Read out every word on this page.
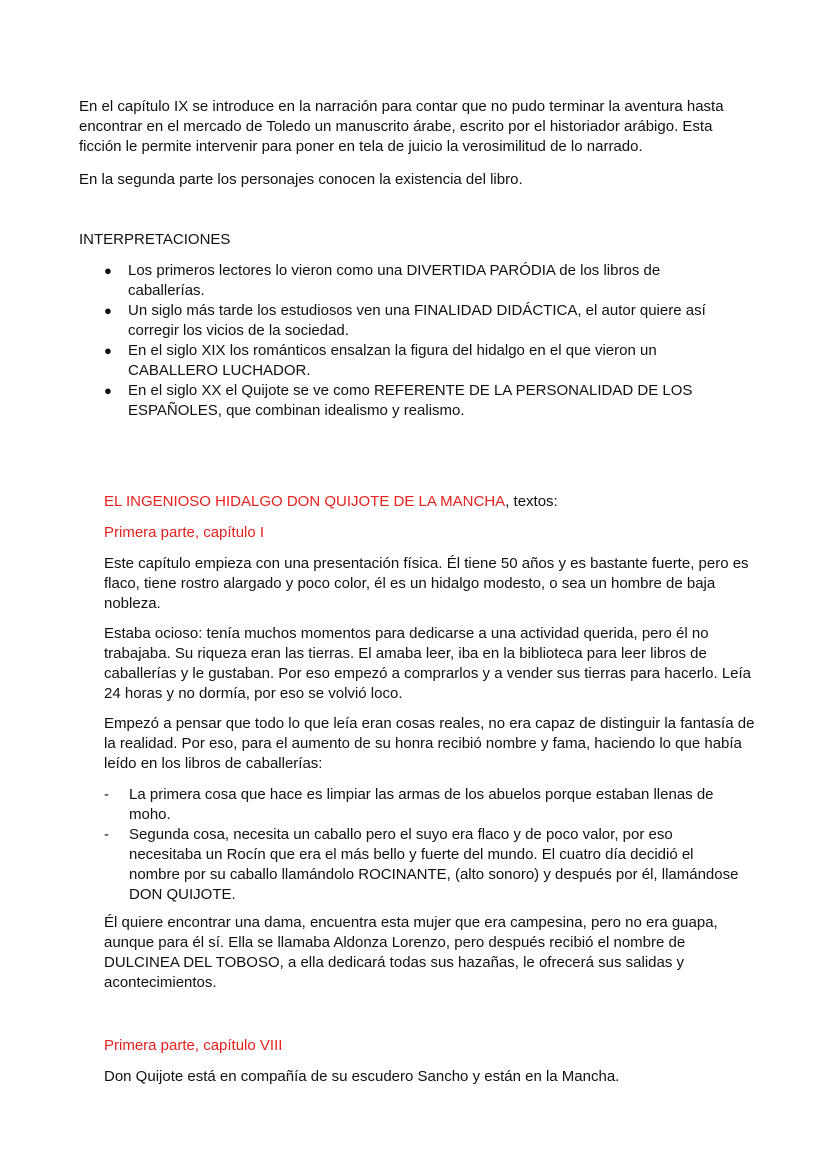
En el capítulo IX se introduce en la narración para contar que no pudo terminar la aventura hasta encontrar en el mercado de Toledo un manuscrito árabe, escrito por el historiador arábigo. Esta ficción le permite intervenir para poner en tela de juicio la verosimilitud de lo narrado.

En la segunda parte los personajes conocen la existencia del libro.

INTERPRETACIONES

● Los primeros lectores lo vieron como una DIVERTIDA PARÓDIA de los libros de caballerías.
● Un siglo más tarde los estudiosos ven una FINALIDAD DIDÁCTICA, el autor quiere así corregir los vicios de la sociedad.
● En el siglo XIX los románticos ensalzan la figura del hidalgo en el que vieron un CABALLERO LUCHADOR.
● En el siglo XX el Quijote se ve como REFERENTE DE LA PERSONALIDAD DE LOS ESPAÑOLES, que combinan idealismo y realismo.

EL INGENIOSO HIDALGO DON QUIJOTE DE LA MANCHA, textos:

Primera parte, capítulo I

Este capítulo empieza con una presentación física. Él tiene 50 años y es bastante fuerte, pero es flaco, tiene rostro alargado y poco color, él es un hidalgo modesto, o sea un hombre de baja nobleza.

Estaba ocioso: tenía muchos momentos para dedicarse a una actividad querida, pero él no trabajaba. Su riqueza eran las tierras. El amaba leer, iba en la biblioteca para leer libros de caballerías y le gustaban. Por eso empezó a comprarlos y a vender sus tierras para hacerlo. Leía 24 horas y no dormía, por eso se volvió loco.

Empezó a pensar que todo lo que leía eran cosas reales, no era capaz de distinguir la fantasía de la realidad. Por eso, para el aumento de su honra recibió nombre y fama, haciendo lo que había leído en los libros de caballerías:

- La primera cosa que hace es limpiar las armas de los abuelos porque estaban llenas de moho.
- Segunda cosa, necesita un caballo pero el suyo era flaco y de poco valor, por eso necesitaba un Rocín que era el más bello y fuerte del mundo. El cuatro día decidió el nombre por su caballo llamándolo ROCINANTE, (alto sonoro) y después por él, llamándose DON QUIJOTE.

Él quiere encontrar una dama, encuentra esta mujer que era campesina, pero no era guapa, aunque para él sí. Ella se llamaba Aldonza Lorenzo, pero después recibió el nombre de DULCINEA DEL TOBOSO, a ella dedicará todas sus hazañas, le ofrecerá sus salidas y acontecimientos.

Primera parte, capítulo VIII

Don Quijote está en compañía de su escudero Sancho y están en la Mancha.
